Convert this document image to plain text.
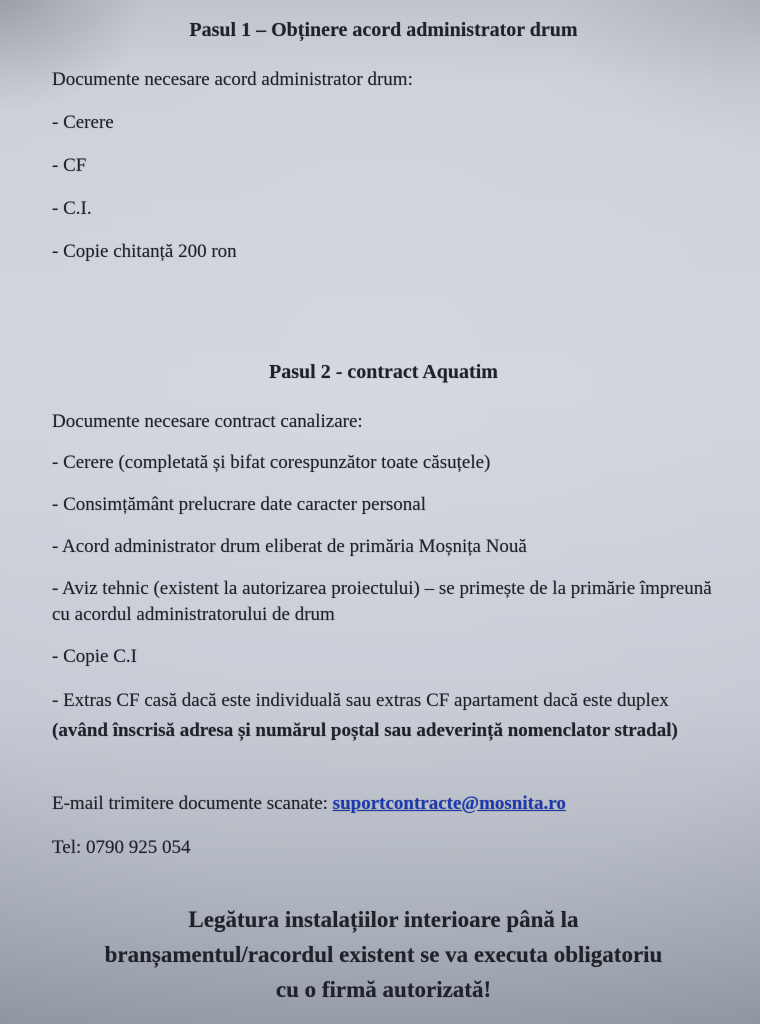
Pasul 1 – Obținere acord administrator drum

Documente necesare acord administrator drum:

- Cerere

- CF

- C.I.

- Copie chitanță 200 ron

Pasul 2 - contract Aquatim

Documente necesare contract canalizare:

- Cerere (completată și bifat corespunzător toate căsuțele)

- Consimțământ prelucrare date caracter personal

- Acord administrator drum eliberat de primăria Moșnița Nouă

- Aviz tehnic (existent la autorizarea proiectului) – se primește de la primărie împreună cu acordul administratorului de drum

- Copie C.I

- Extras CF casă dacă este individuală sau extras CF apartament dacă este duplex (având înscrisă adresa și numărul poștal sau adeverință nomenclator stradal)

E-mail trimitere documente scanate: suportcontracte@mosnita.ro

Tel: 0790 925 054

Legătura instalațiilor interioare până la
branșamentul/racordul existent se va executa obligatoriu
cu o firmă autorizată!
